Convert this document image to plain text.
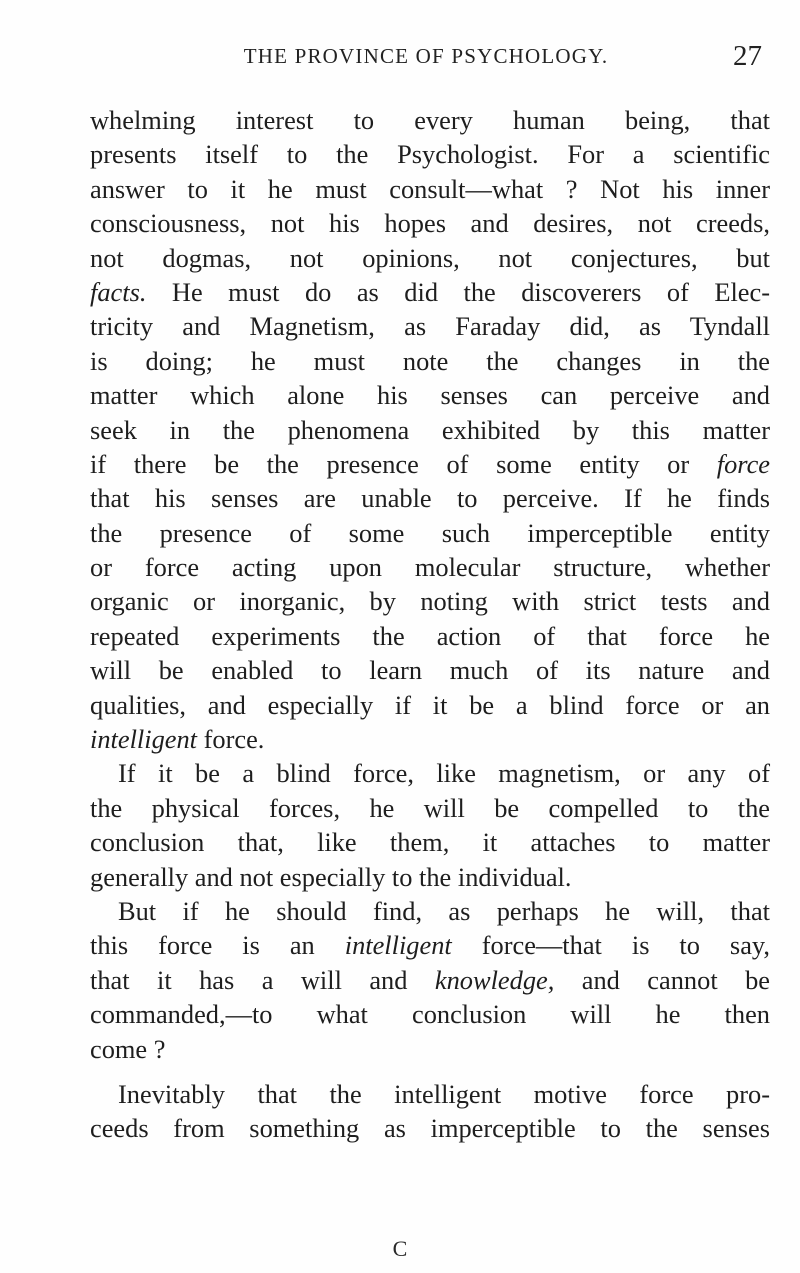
THE PROVINCE OF PSYCHOLOGY.	27
whelming interest to every human being, that
presents itself to the Psychologist. For a scientific
answer to it he must consult—what ? Not his inner
consciousness, not his hopes and desires, not creeds,
not dogmas, not opinions, not conjectures, but
facts. He must do as did the discoverers of Elec-
tricity and Magnetism, as Faraday did, as Tyndall
is doing; he must note the changes in the
matter which alone his senses can perceive and
seek in the phenomena exhibited by this matter
if there be the presence of some entity or force
that his senses are unable to perceive. If he finds
the presence of some such imperceptible entity
or force acting upon molecular structure, whether
organic or inorganic, by noting with strict tests and
repeated experiments the action of that force he
will be enabled to learn much of its nature and
qualities, and especially if it be a blind force or an
intelligent force.
If it be a blind force, like magnetism, or any of
the physical forces, he will be compelled to the
conclusion that, like them, it attaches to matter
generally and not especially to the individual.
But if he should find, as perhaps he will, that
this force is an intelligent force—that is to say,
that it has a will and knowledge, and cannot be
commanded,—to what conclusion will he then
come ?
Inevitably that the intelligent motive force pro-
ceeds from something as imperceptible to the senses
C
